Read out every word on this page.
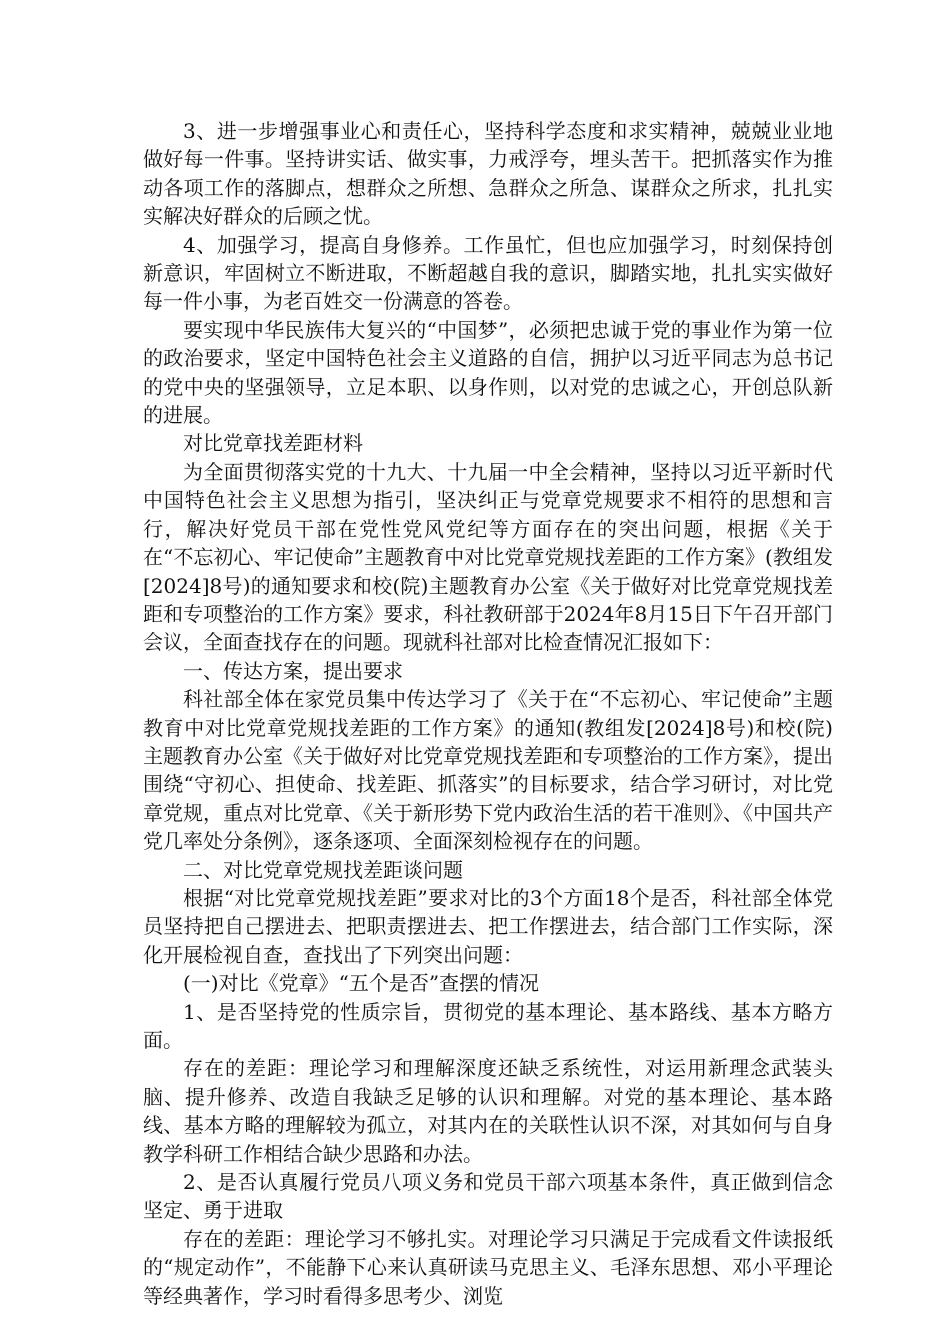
3、进一步增强事业心和责任心，坚持科学态度和求实精神，兢兢业业地做好每一件事。坚持讲实话、做实事，力戒浮夸，埋头苦干。把抓落实作为推动各项工作的落脚点，想群众之所想、急群众之所急、谋群众之所求，扎扎实实解决好群众的后顾之忧。

4、加强学习，提高自身修养。工作虽忙，但也应加强学习，时刻保持创新意识，牢固树立不断进取，不断超越自我的意识，脚踏实地，扎扎实实做好每一件小事，为老百姓交一份满意的答卷。

要实现中华民族伟大复兴的“中国梦”，必须把忠诚于党的事业作为第一位的政治要求，坚定中国特色社会主义道路的自信，拥护以习近平同志为总书记的党中央的坚强领导，立足本职、以身作则，以对党的忠诚之心，开创总队新的进展。

对比党章找差距材料

为全面贯彻落实党的十九大、十九届一中全会精神，坚持以习近平新时代中国特色社会主义思想为指引，坚决纠正与党章党规要求不相符的思想和言行，解决好党员干部在党性党风党纪等方面存在的突出问题，根据《关于在“不忘初心、牢记使命”主题教育中对比党章党规找差距的工作方案》(教组发[2024]8号)的通知要求和校(院)主题教育办公室《关于做好对比党章党规找差距和专项整治的工作方案》要求，科社教研部于2024年8月15日下午召开部门会议，全面查找存在的问题。现就科社部对比检查情况汇报如下：

一、传达方案，提出要求

科社部全体在家党员集中传达学习了《关于在“不忘初心、牢记使命”主题教育中对比党章党规找差距的工作方案》的通知(教组发[2024]8号)和校(院)主题教育办公室《关于做好对比党章党规找差距和专项整治的工作方案》，提出围绕“守初心、担使命、找差距、抓落实”的目标要求，结合学习研讨，对比党章党规，重点对比党章、《关于新形势下党内政治生活的若干准则》、《中国共产党几率处分条例》，逐条逐项、全面深刻检视存在的问题。

二、对比党章党规找差距谈问题

根据“对比党章党规找差距”要求对比的3个方面18个是否，科社部全体党员坚持把自己摆进去、把职责摆进去、把工作摆进去，结合部门工作实际，深化开展检视自查，查找出了下列突出问题：

(一)对比《党章》“五个是否”查摆的情况

1、是否坚持党的性质宗旨，贯彻党的基本理论、基本路线、基本方略方面。

存在的差距：理论学习和理解深度还缺乏系统性，对运用新理念武装头脑、提升修养、改造自我缺乏足够的认识和理解。对党的基本理论、基本路线、基本方略的理解较为孤立，对其内在的关联性认识不深，对其如何与自身教学科研工作相结合缺少思路和办法。

2、是否认真履行党员八项义务和党员干部六项基本条件，真正做到信念坚定、勇于进取

存在的差距：理论学习不够扎实。对理论学习只满足于完成看文件读报纸的“规定动作”，不能静下心来认真研读马克思主义、毛泽东思想、邓小平理论等经典著作，学习时看得多思考少、浏览
